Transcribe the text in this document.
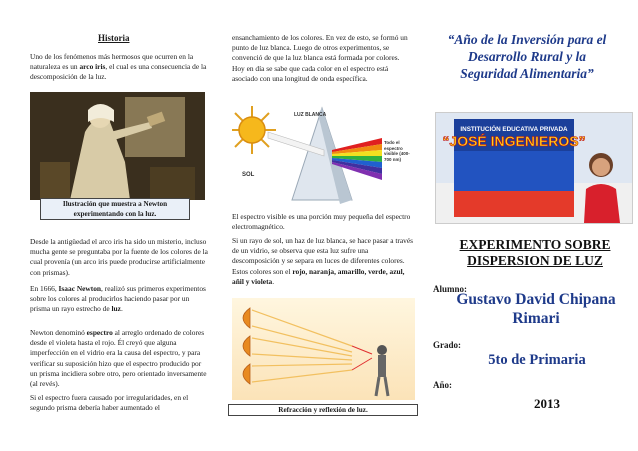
Historia

Uno de los fenómenos más hermosos que ocurren en la naturaleza es un arco iris, el cual es una consecuencia de la descomposición de la luz.

Ilustración que muestra a Newton experimentando con la luz.

Desde la antigüedad el arco iris ha sido un misterio, incluso mucha gente se preguntaba por la fuente de los colores de la cual provenía (un arco iris puede producirse artificialmente con prismas).

En 1666, Isaac Newton, realizó sus primeros experimentos sobre los colores al producirlos haciendo pasar por un prisma un rayo estrecho de luz.

Newton denominó espectro al arreglo ordenado de colores desde el violeta hasta el rojo. Él creyó que alguna imperfección en el vidrio era la causa del espectro, y para verificar su suposición hizo que el espectro producido por un prisma incidiera sobre otro, pero orientado inversamente (al revés).

Si el espectro fuera causado por irregularidades, en el segundo prisma debería haber aumentado el

ensanchamiento de los colores. En vez de esto, se formó un punto de luz blanca. Luego de otros experimentos, se convenció de que la luz blanca está formada por colores. Hoy en día se sabe que cada color en el espectro está asociado con una longitud de onda específica.

LUZ BLANCA
SOL
Todo el espectro visible (400-700 nm)

El espectro visible es una porción muy pequeña del espectro electromagnético.

Si un rayo de sol, un haz de luz blanca, se hace pasar a través de un vidrio, se observa que esta luz sufre una descomposición y se separa en luces de diferentes colores. Estos colores son el rojo, naranja, amarillo, verde, azul, añil y violeta.

Refracción y reflexión de luz.
“Año de la Inversión para el Desarrollo Rural y la Seguridad Alimentaria”
INSTITUCIÓN EDUCATIVA PRIVADA
“JOSÉ INGENIEROS”
EXPERIMENTO SOBRE DISPERSION DE LUZ
Alumno:
Gustavo David Chipana Rimari
Grado:
5to de Primaria
Año:
2013
